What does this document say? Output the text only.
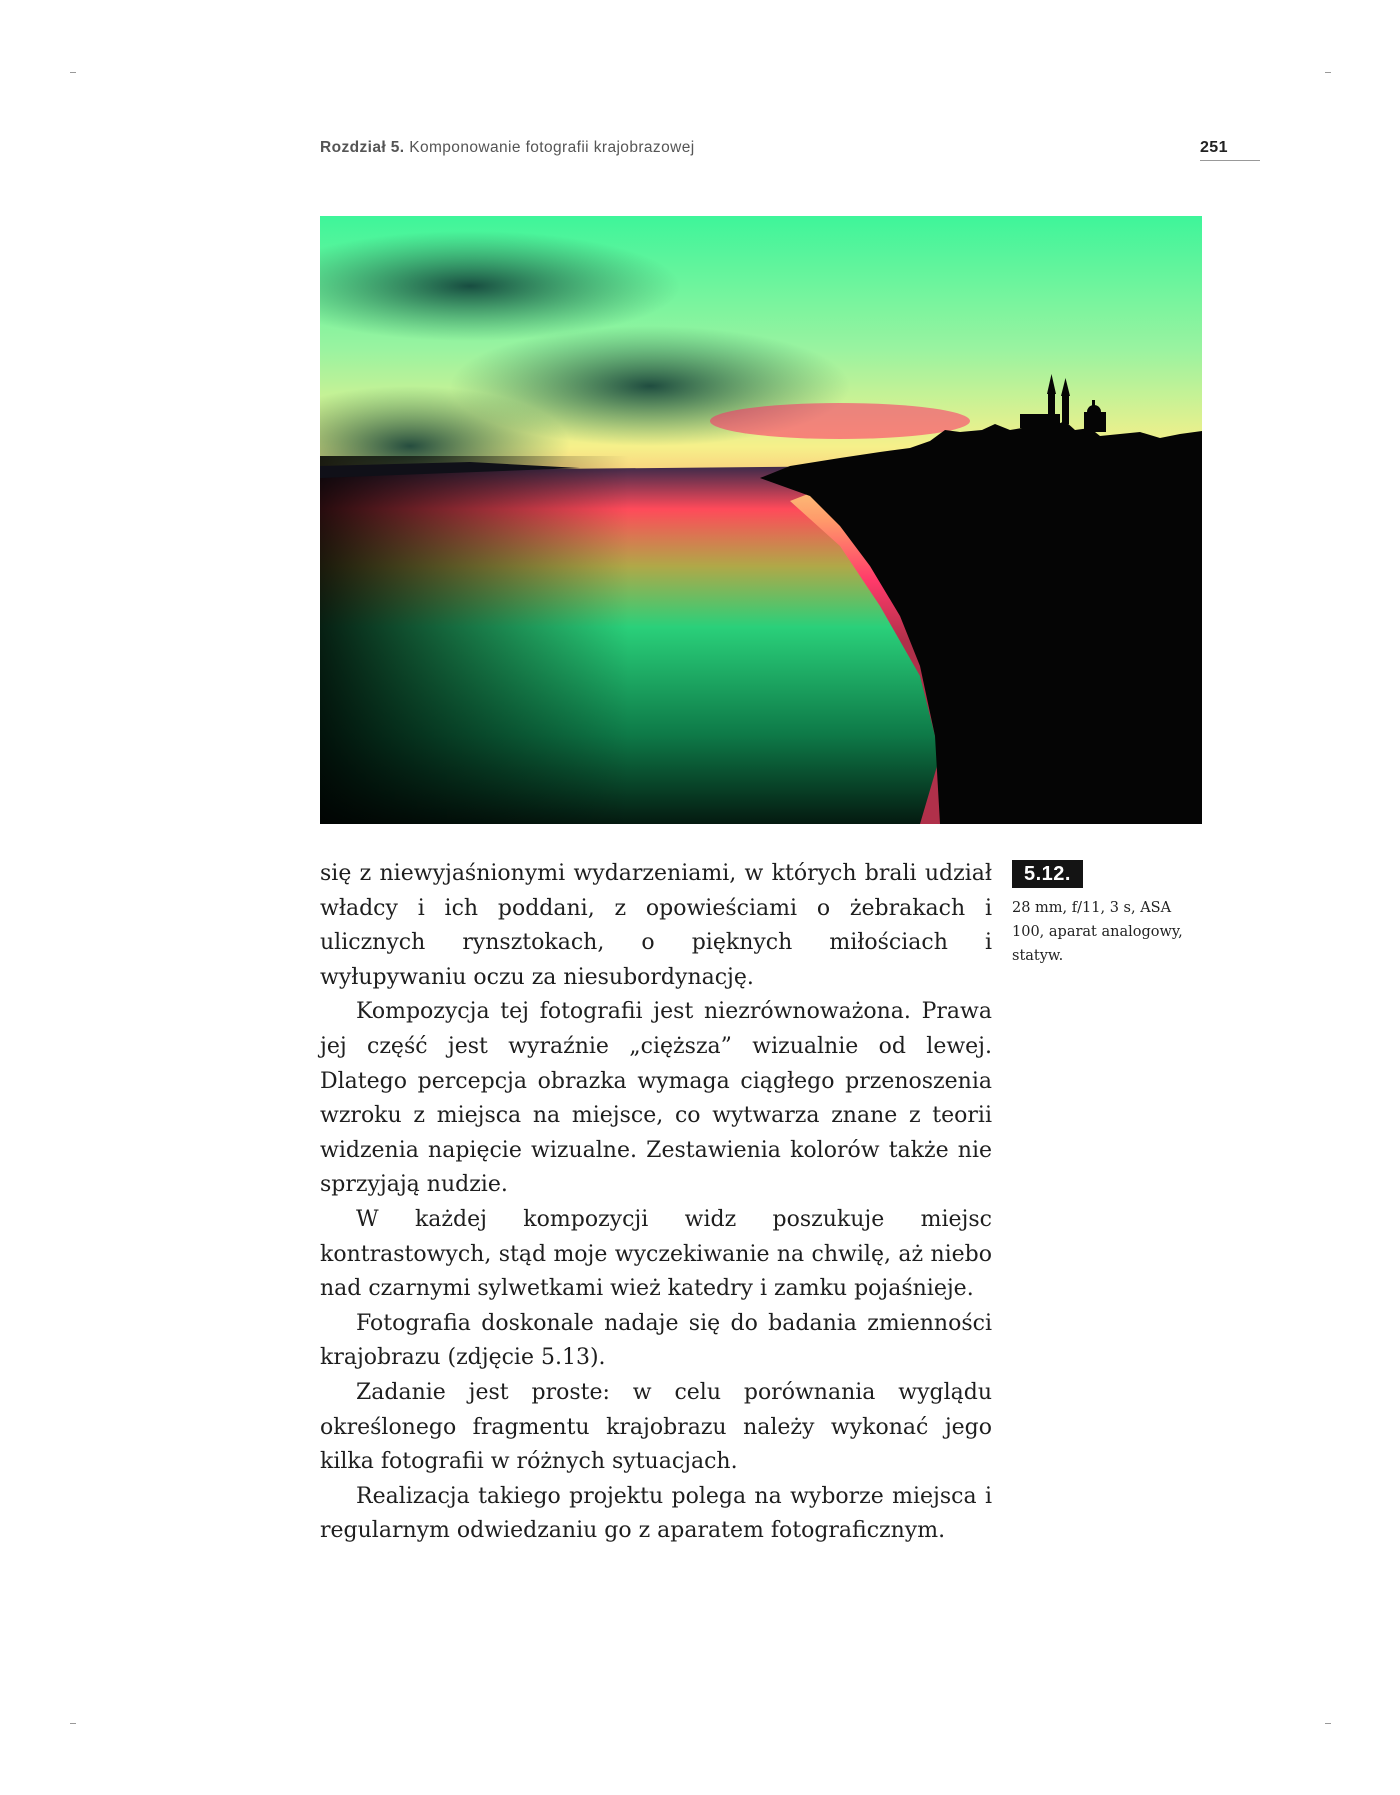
Rozdział 5. Komponowanie fotografii krajobrazowej	251
5.12.
28 mm, f/11, 3 s, ASA 100, aparat analogowy, statyw.

się z niewyjaśnionymi wydarzeniami, w których brali udział władcy i ich poddani, z opowieściami o żebrakach i ulicznych rynsztokach, o pięknych miłościach i wyłupywaniu oczu za niesubordynację.

Kompozycja tej fotografii jest niezrównoważona. Prawa jej część jest wyraźnie „cięższa” wizualnie od lewej. Dlatego percepcja obrazka wymaga ciągłego przenoszenia wzroku z miejsca na miejsce, co wytwarza znane z teorii widzenia napięcie wizualne. Zestawienia kolorów także nie sprzyjają nudzie.

W każdej kompozycji widz poszukuje miejsc kontrastowych, stąd moje wyczekiwanie na chwilę, aż niebo nad czarnymi sylwetkami wież katedry i zamku pojaśnieje.

Fotografia doskonale nadaje się do badania zmienności krajobrazu (zdjęcie 5.13).

Zadanie jest proste: w celu porównania wyglądu określonego fragmentu krajobrazu należy wykonać jego kilka fotografii w różnych sytuacjach.

Realizacja takiego projektu polega na wyborze miejsca i regularnym odwiedzaniu go z aparatem fotograficznym.
